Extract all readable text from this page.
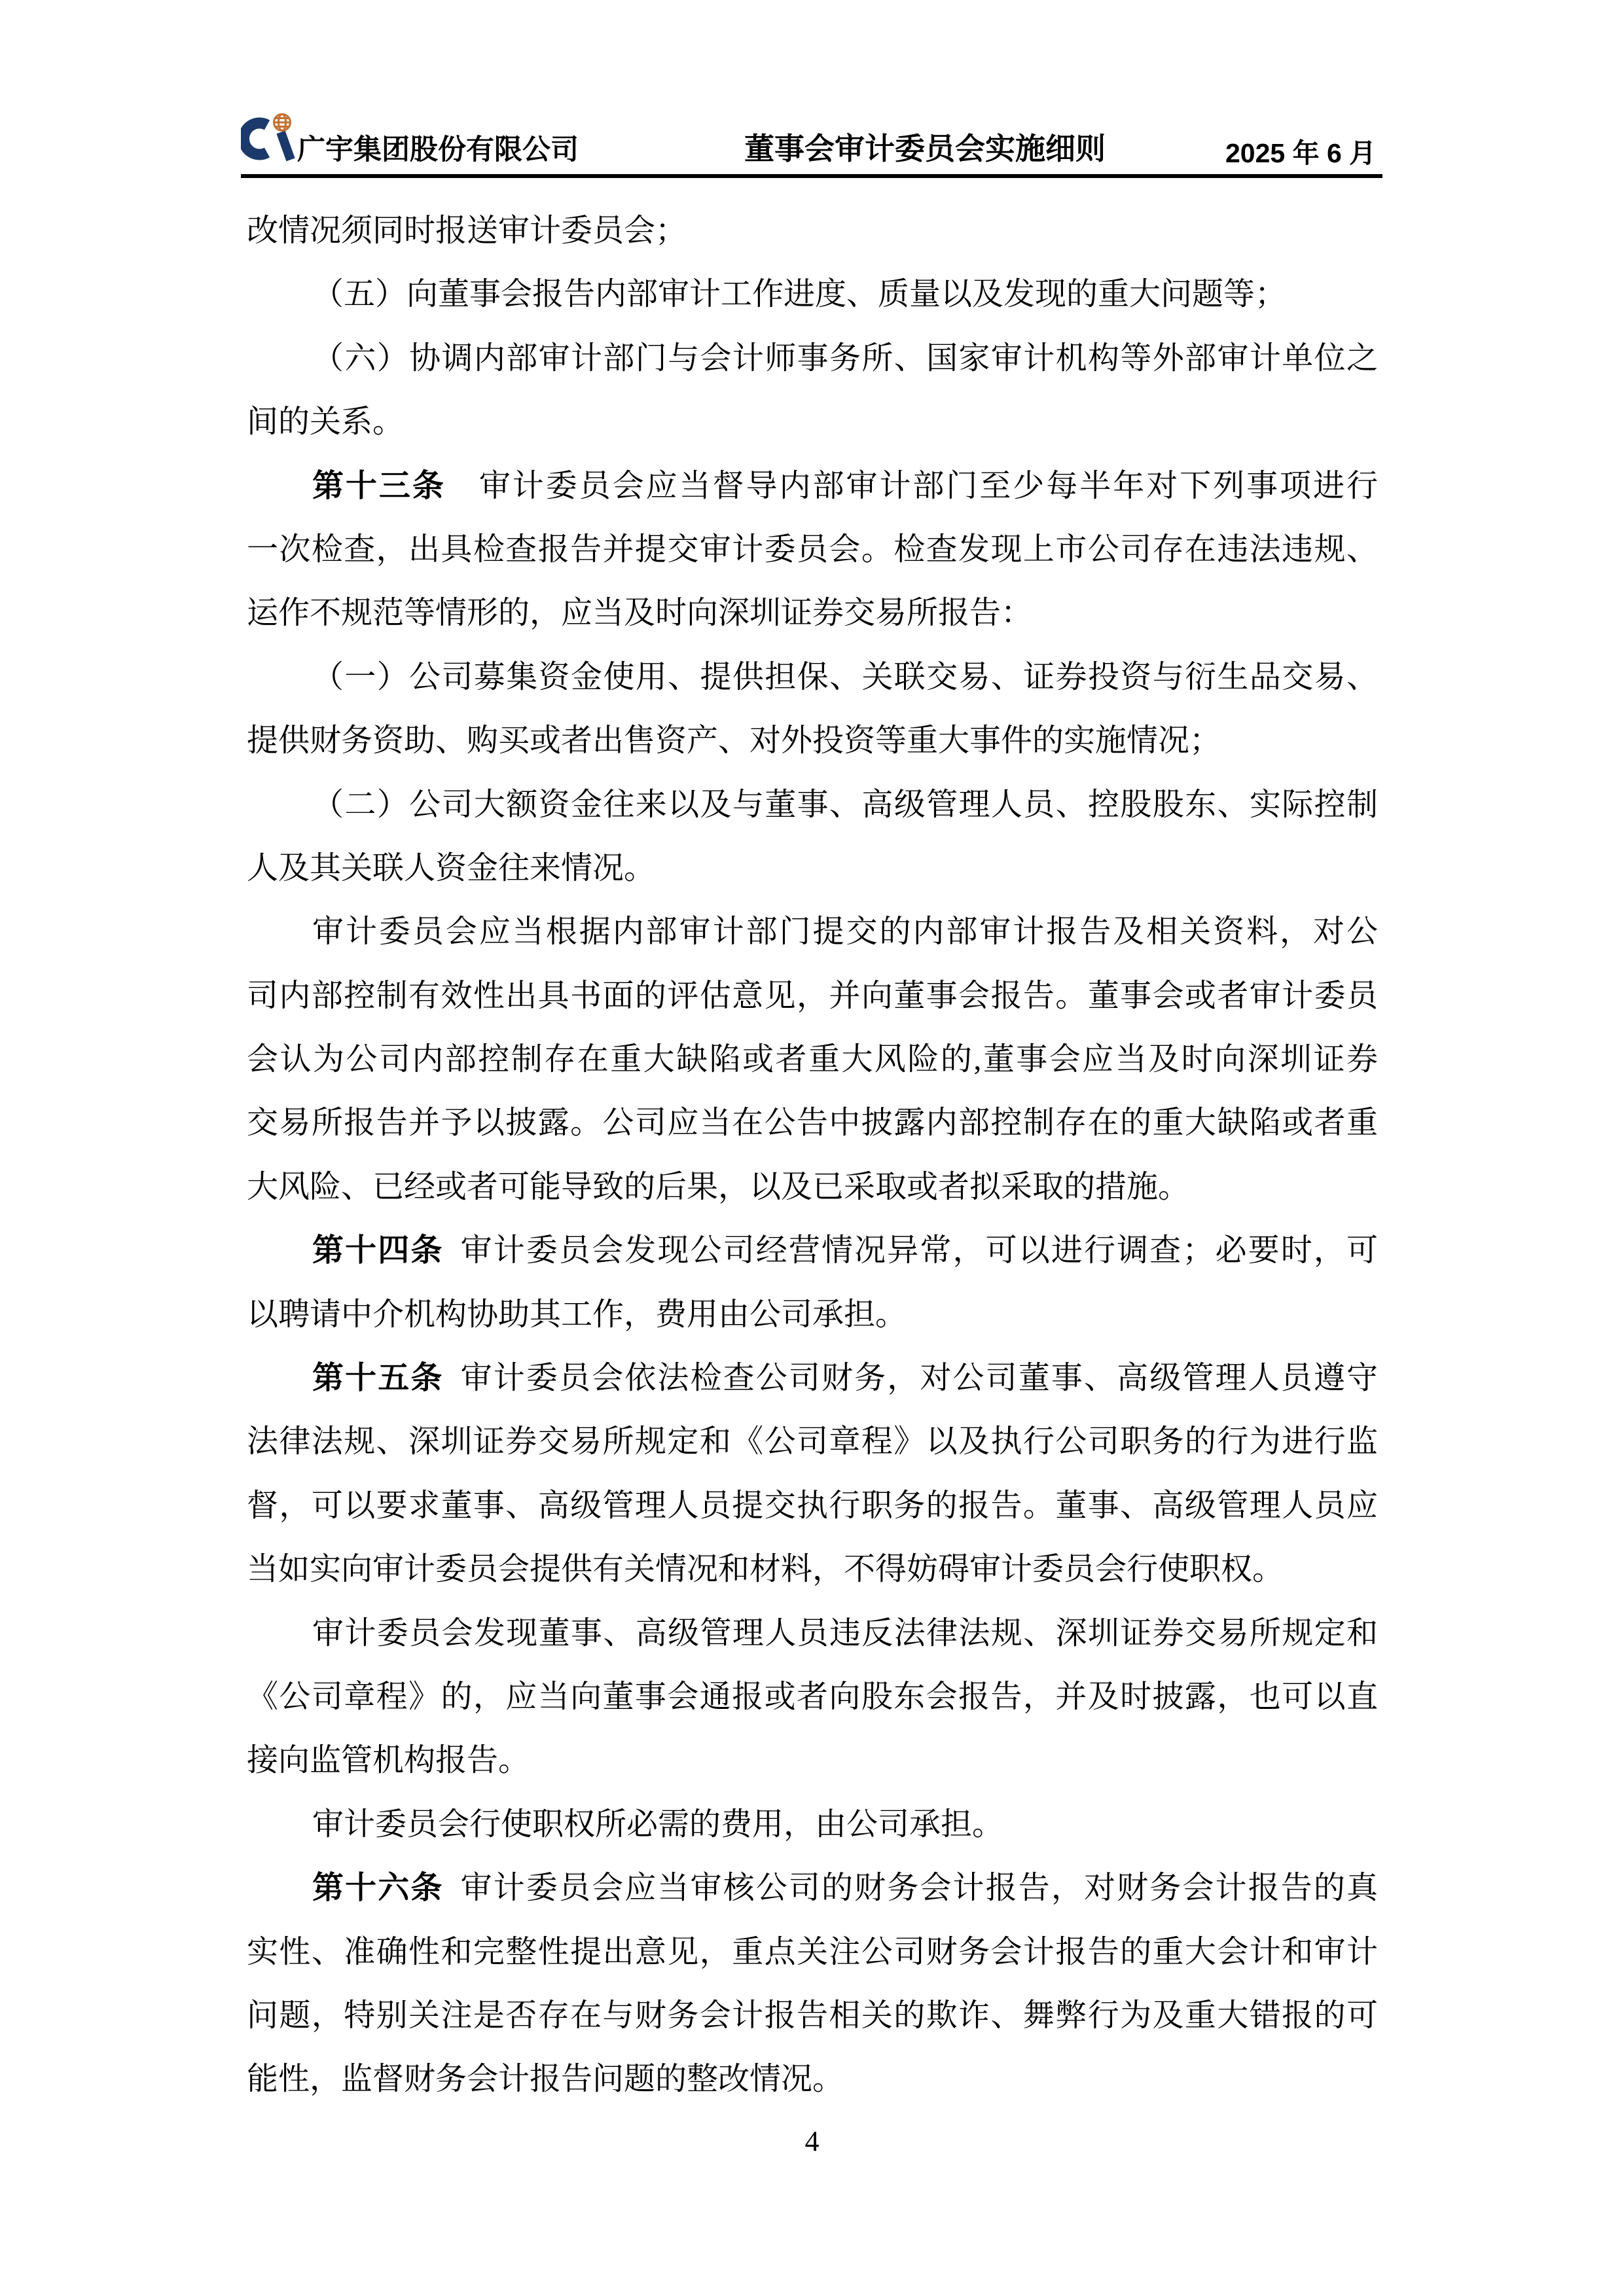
广宇集团股份有限公司	董事会审计委员会实施细则	2025 年 6 月
改情况须同时报送审计委员会；
（五）向董事会报告内部审计工作进度、质量以及发现的重大问题等；
（六）协调内部审计部门与会计师事务所、国家审计机构等外部审计单位之
间的关系。
第十三条　审计委员会应当督导内部审计部门至少每半年对下列事项进行
一次检查，出具检查报告并提交审计委员会。检查发现上市公司存在违法违规、
运作不规范等情形的，应当及时向深圳证券交易所报告：
（一）公司募集资金使用、提供担保、关联交易、证券投资与衍生品交易、
提供财务资助、购买或者出售资产、对外投资等重大事件的实施情况；
（二）公司大额资金往来以及与董事、高级管理人员、控股股东、实际控制
人及其关联人资金往来情况。
审计委员会应当根据内部审计部门提交的内部审计报告及相关资料，对公
司内部控制有效性出具书面的评估意见，并向董事会报告。董事会或者审计委员
会认为公司内部控制存在重大缺陷或者重大风险的,董事会应当及时向深圳证券
交易所报告并予以披露。公司应当在公告中披露内部控制存在的重大缺陷或者重
大风险、已经或者可能导致的后果，以及已采取或者拟采取的措施。
第十四条 审计委员会发现公司经营情况异常，可以进行调查；必要时，可
以聘请中介机构协助其工作，费用由公司承担。
第十五条 审计委员会依法检查公司财务，对公司董事、高级管理人员遵守
法律法规、深圳证券交易所规定和《公司章程》以及执行公司职务的行为进行监
督，可以要求董事、高级管理人员提交执行职务的报告。董事、高级管理人员应
当如实向审计委员会提供有关情况和材料，不得妨碍审计委员会行使职权。
审计委员会发现董事、高级管理人员违反法律法规、深圳证券交易所规定和
《公司章程》的，应当向董事会通报或者向股东会报告，并及时披露，也可以直
接向监管机构报告。
审计委员会行使职权所必需的费用，由公司承担。
第十六条 审计委员会应当审核公司的财务会计报告，对财务会计报告的真
实性、准确性和完整性提出意见，重点关注公司财务会计报告的重大会计和审计
问题，特别关注是否存在与财务会计报告相关的欺诈、舞弊行为及重大错报的可
能性，监督财务会计报告问题的整改情况。
4
